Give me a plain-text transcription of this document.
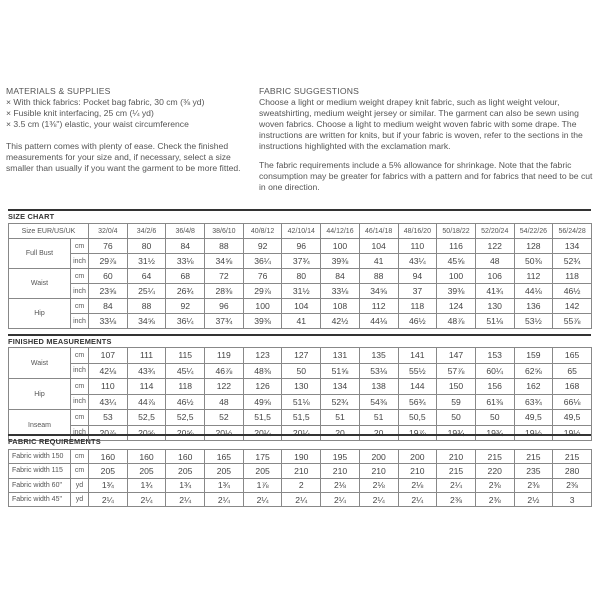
MATERIALS & SUPPLIES
× With thick fabrics: Pocket bag fabric, 30 cm (⅜ yd)
× Fusible knit interfacing, 25 cm (¼ yd)
× 3.5 cm (1⅜") elastic, your waist circumference
This pattern comes with plenty of ease. Check the finished measurements for your size and, if necessary, select a size smaller than usually if you want the garment to be more fitted.
FABRIC SUGGESTIONS
Choose a light or medium weight drapey knit fabric, such as light weight velour, sweatshirting, medium weight jersey or similar. The garment can also be sewn using woven fabrics. Choose a light to medium weight woven fabric with some drape. The instructions are written for knits, but if your fabric is woven, refer to the sections in the instructions highlighted with the exclamation mark.
The fabric requirements include a 5% allowance for shrinkage. Note that the fabric consumption may be greater for fabrics with a pattern and for fabrics that need to be cut in one direction.
SIZE CHART
Size EUR/US/UK		32/0/4	34/2/6	36/4/8	38/6/10	40/8/12	42/10/14	44/12/16	46/14/18	48/16/20	50/18/22	52/20/24	54/22/26	56/24/28
Full Bust	cm	76	80	84	88	92	96	100	104	110	116	122	128	134
	inch	29⅞	31½	33⅛	34⅝	36¼	37¾	39⅜	41	43¼	45⅝	48	50⅜	52¾
Waist	cm	60	64	68	72	76	80	84	88	94	100	106	112	118
	inch	23⅝	25¼	26¾	28⅜	29⅞	31½	33⅛	34⅝	37	39⅜	41¾	44⅛	46½
Hip	cm	84	88	92	96	100	104	108	112	118	124	130	136	142
	inch	33⅛	34⅝	36¼	37¾	39⅜	41	42½	44⅛	46½	48⅞	51⅛	53½	55⅞
FINISHED MEASUREMENTS
Waist	cm	107	111	115	119	123	127	131	135	141	147	153	159	165
	inch	42⅛	43¾	45¼	46⅞	48⅜	50	51⅝	53⅛	55½	57⅞	60¼	62⅝	65
Hip	cm	110	114	118	122	126	130	134	138	144	150	156	162	168
	inch	43¼	44⅞	46½	48	49⅝	51⅛	52¾	54⅜	56¾	59	61⅜	63¾	66⅛
Inseam	cm	53	52,5	52,5	52	51,5	51,5	51	51	50,5	50	50	49,5	49,5
	inch	20⅞	20⅝	20⅝	20½	20¼	20¼	20	20	19⅞	19¾	19¾	19½	19½
FABRIC REQUIREMENTS
Fabric width 150	cm	160	160	160	165	175	190	195	200	200	210	215	215	215
Fabric width 115	cm	205	205	205	205	205	210	210	210	210	215	220	235	280
Fabric width 60"	yd	1¾	1¾	1¾	1¾	1⅞	2	2⅛	2⅛	2⅛	2¼	2⅜	2⅜	2⅜
Fabric width 45"	yd	2¼	2¼	2¼	2¼	2¼	2¼	2¼	2¼	2¼	2⅜	2⅜	2½	3
